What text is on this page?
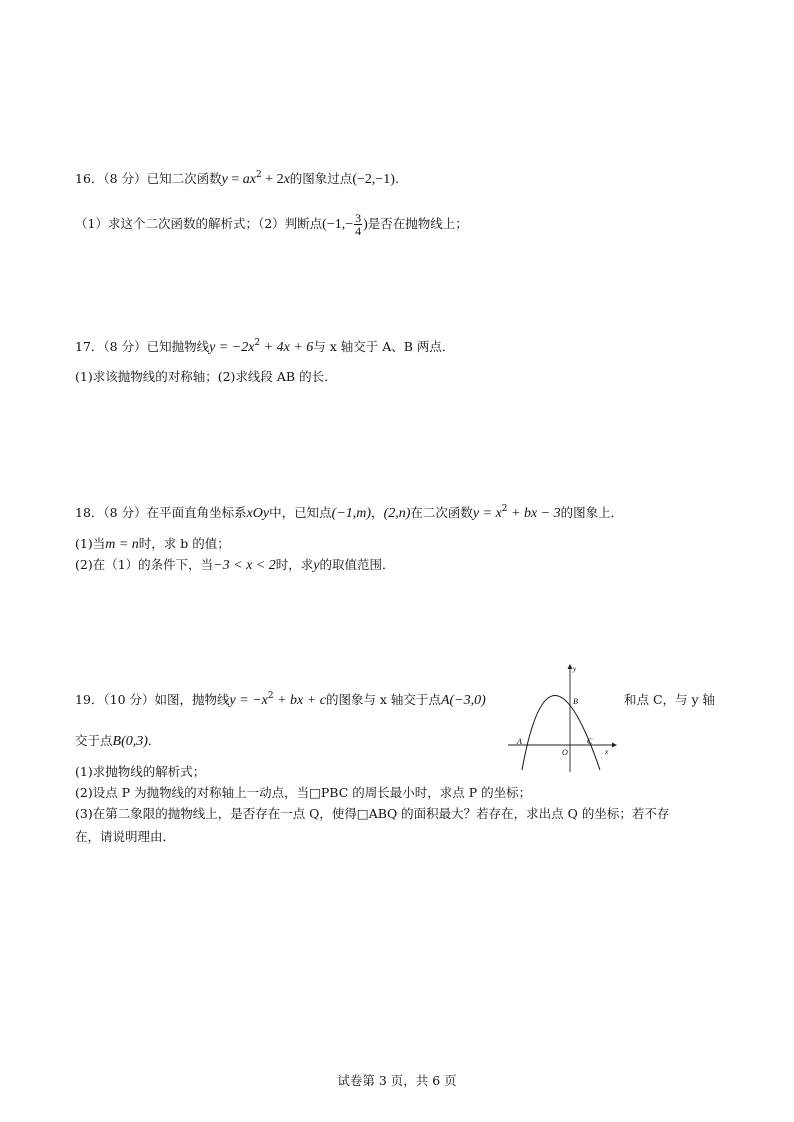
16．（8 分）已知二次函数$y = ax^2 + 2x$的图象过点(−2,−1).
（1）求这个二次函数的解析式；（2）判断点($-1,- \frac{3}{4}$ )是否在抛物线上；
17．（8 分）已知抛物线$y = -2x^2 + 4x + 6$与 x 轴交于 A、B 两点．
(1)求该抛物线的对称轴；(2)求线段 AB 的长．
18．（8 分）在平面直角坐标系xOy中，已知点(−1,m)，(2,n)在二次函数$y = x^2$ + bx − 3的图象上．
(1)当m = n时，求 b 的值；
(2)在（1）的条件下，当−3 < x < 2时，求y的取值范围．
19．（10 分）如图，抛物线$y = -x^2$ + bx + c的图象与 x 轴交于点A(−3,0)	和点 C，与 y 轴
交于点B(0,3)．
(1)求抛物线的解析式；
(2)设点 P 为抛物线的对称轴上一动点，当□PBC 的周长最小时，求点 P 的坐标；
(3)在第二象限的抛物线上，是否存在一点 Q，使得□ABQ 的面积最大？若存在，求出点 Q 的坐标；若不存
在，请说明理由．
y
x
A
O
B
C
试卷第 3 页，共 6 页
